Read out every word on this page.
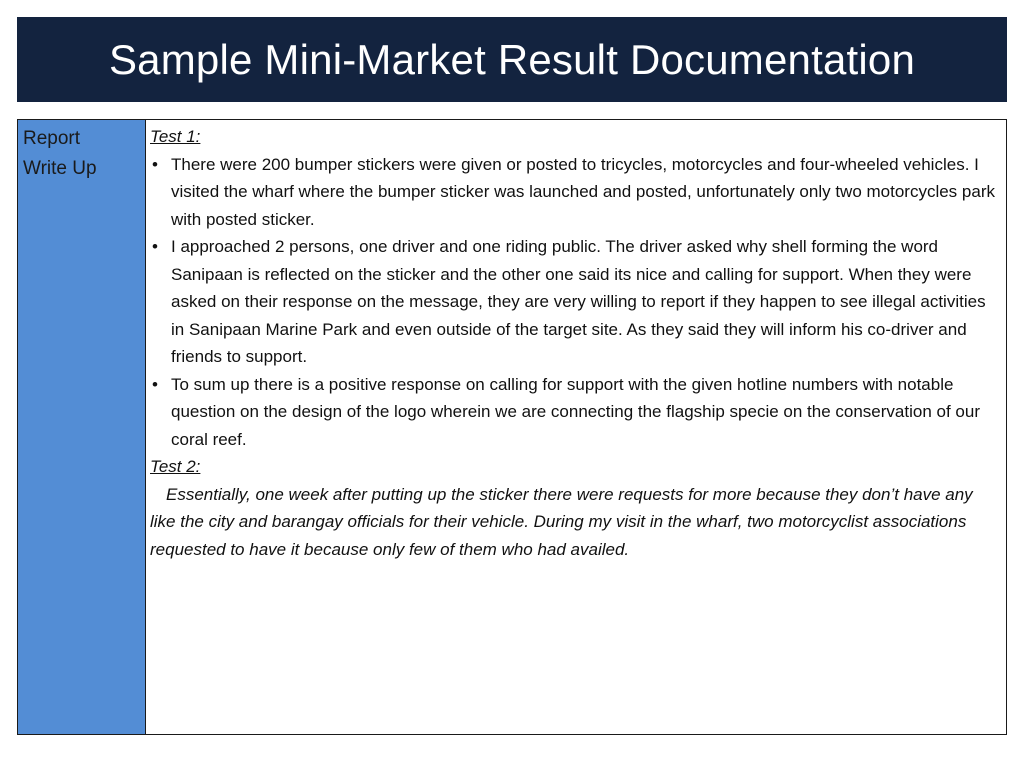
Sample Mini-Market Result Documentation
Report
Write Up
Test 1:
• There were 200 bumper stickers were given or posted to tricycles, motorcycles and four-wheeled vehicles. I visited the wharf where the bumper sticker was launched and posted, unfortunately only two motorcycles park with posted sticker.
• I approached 2 persons, one driver and one riding public. The driver asked why shell forming the word Sanipaan is reflected on the sticker and the other one said its nice and calling for support. When they were asked on their response on the message, they are very willing to report if they happen to see illegal activities in Sanipaan Marine Park and even outside of the target site. As they said they will inform his co-driver and friends to support.
• To sum up there is a positive response on calling for support with the given hotline numbers with notable question on the design of the logo wherein we are connecting the flagship specie on the conservation of our coral reef.
Test 2:

Essentially, one week after putting up the sticker there were requests for more because they don’t have any like the city and barangay officials for their vehicle. During my visit in the wharf, two motorcyclist associations requested to have it because only few of them who had availed.
